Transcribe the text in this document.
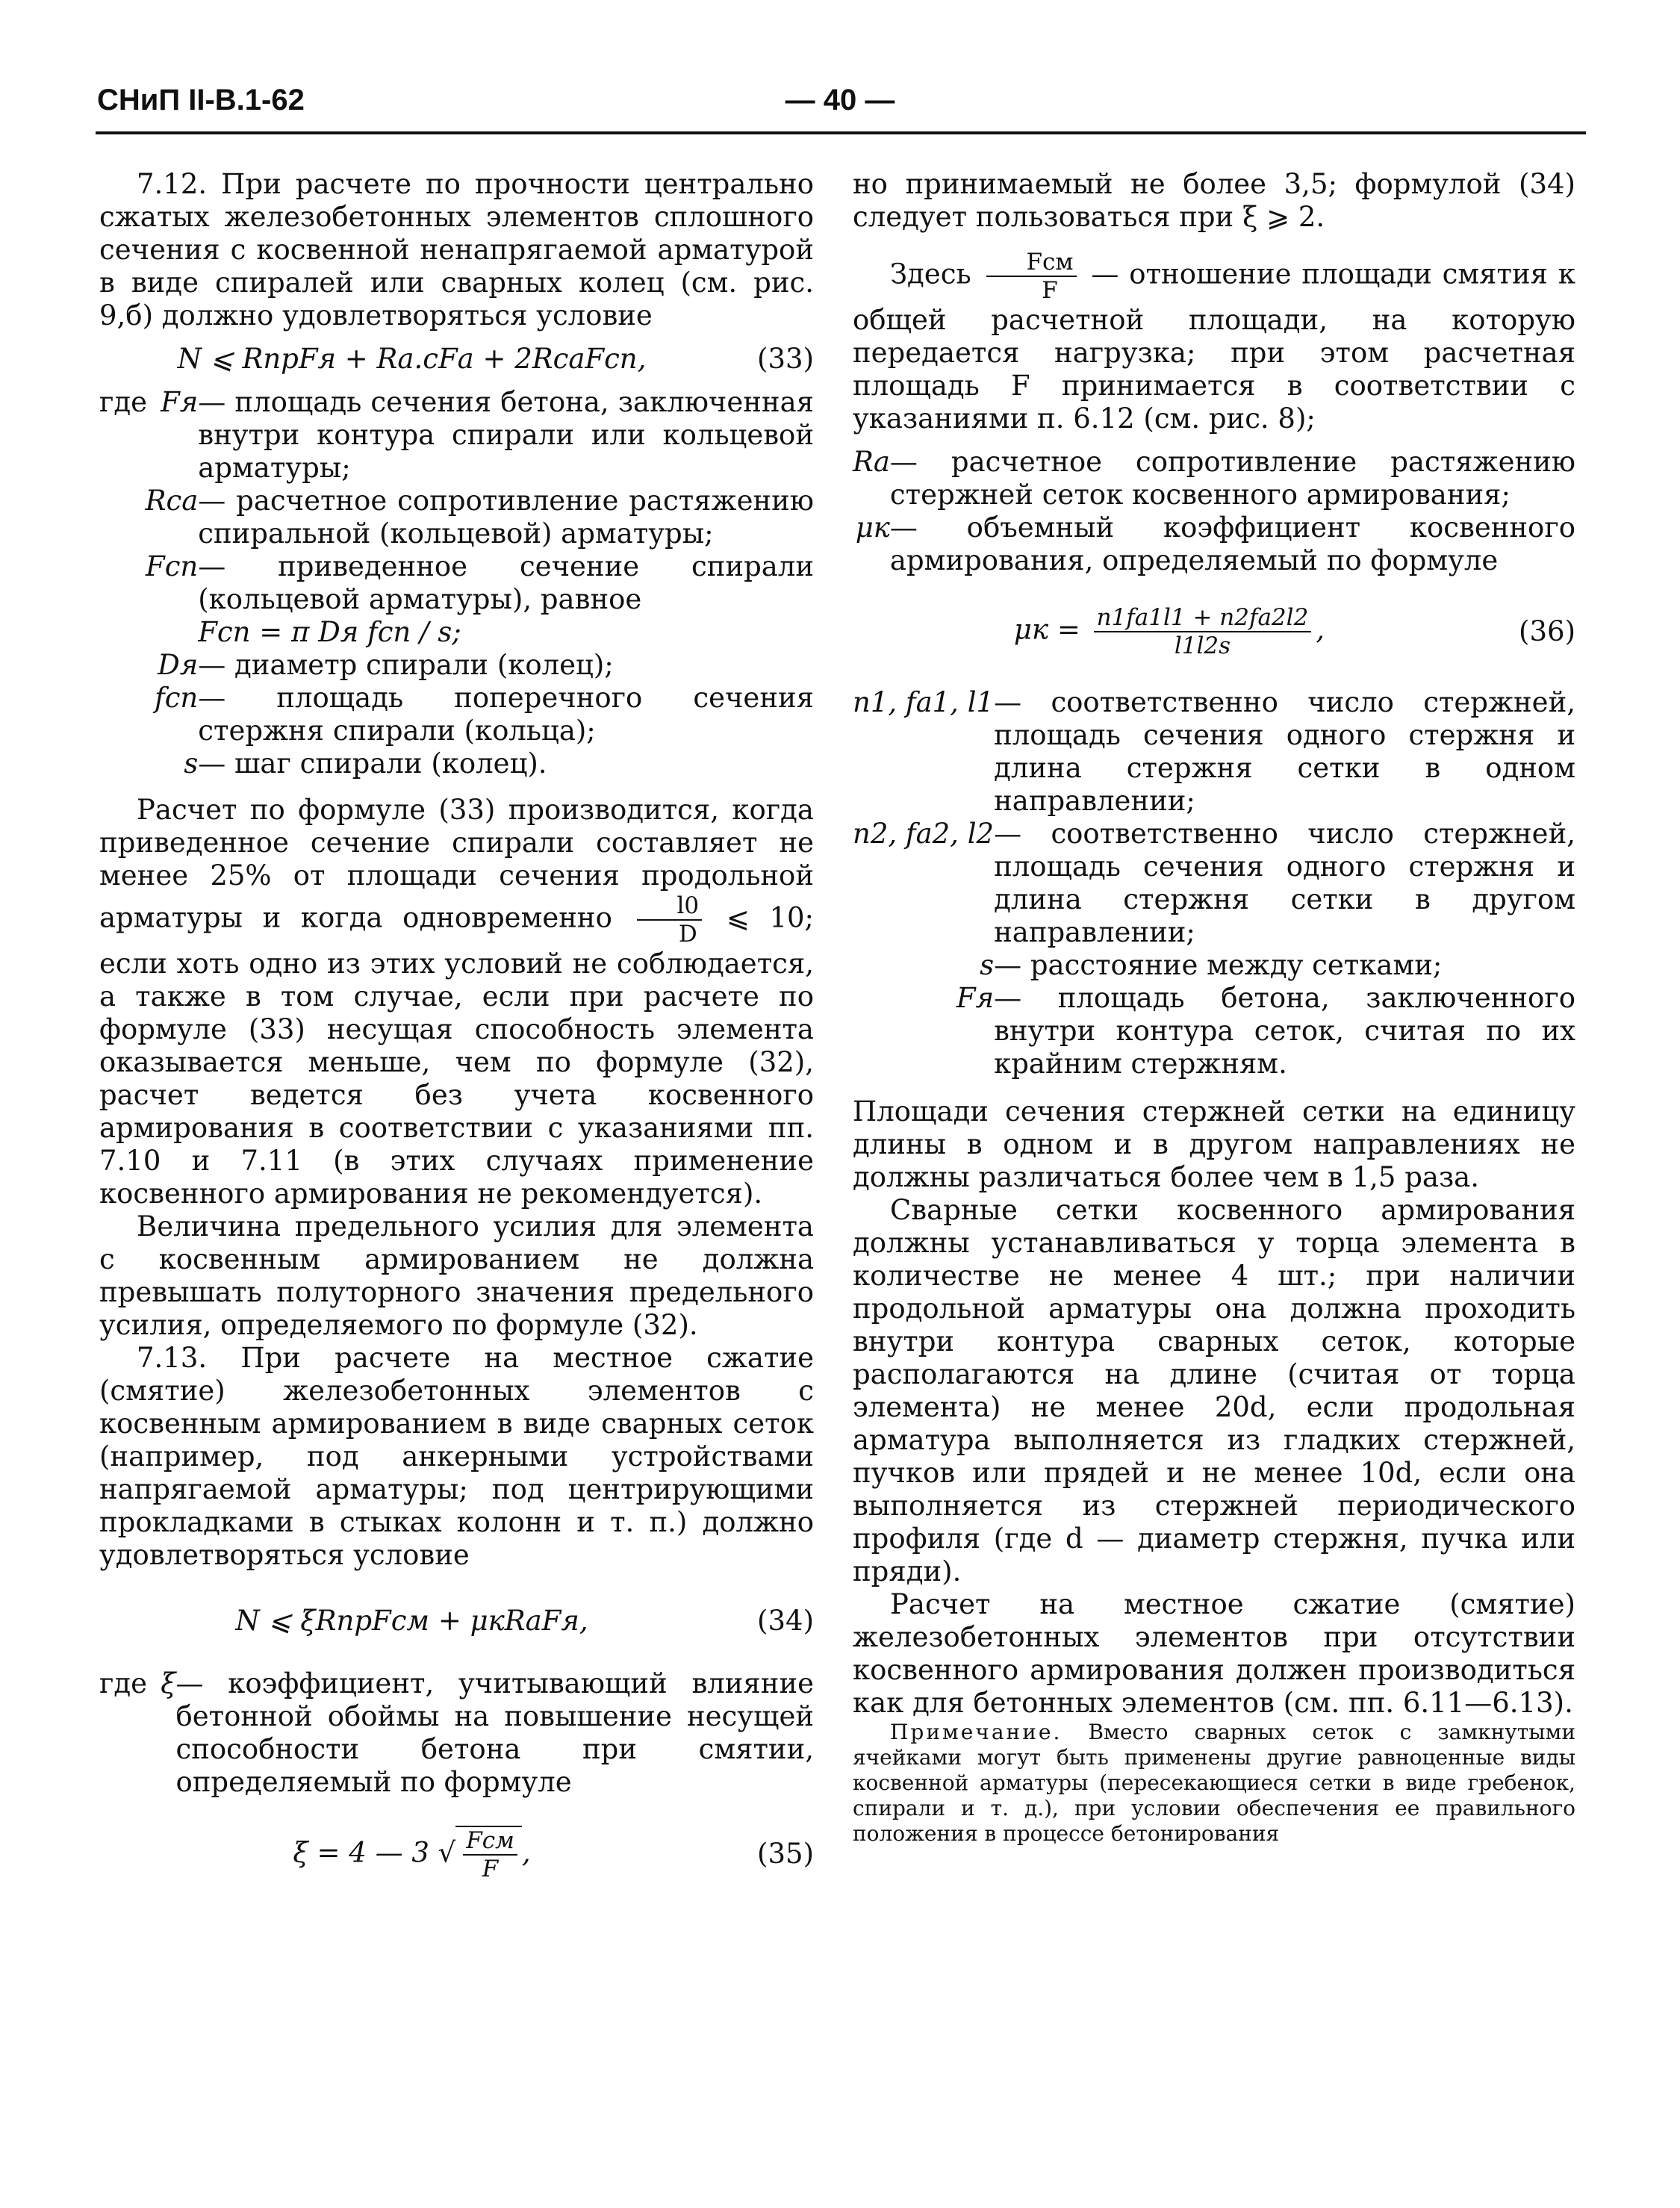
СНиП II-В.1-62	— 40 —

7.12. При расчете по прочности центрально сжатых железобетонных элементов сплошного сечения с косвенной ненапрягаемой арматурой в виде спиралей или сварных колец (см. рис. 9,б) должно удовлетворяться условие

N ⩽ RпрFя + Rа.сFа + 2RсаFсп,	(33)
где Fя — площадь сечения бетона, заключенная внутри контура спирали или кольцевой арматуры;
Rса — расчетное сопротивление растяжению спиральной (кольцевой) арматуры;
Fсп — приведенное сечение спирали (кольцевой арматуры), равное
Fсп = π Dя fсп / s;
Dя — диаметр спирали (колец);
fсп — площадь поперечного сечения стержня спирали (кольца);
s — шаг спирали (колец).

Расчет по формуле (33) производится, когда приведенное сечение спирали составляет не менее 25% от площади сечения продольной арматуры и когда одновременно $\frac{l0}{D}$ ⩽ 10; если хоть одно из этих условий не соблюдается, а также в том случае, если при расчете по формуле (33) несущая способность элемента оказывается меньше, чем по формуле (32), расчет ведется без учета косвенного армирования в соответствии с указаниями пп. 7.10 и 7.11 (в этих случаях применение косвенного армирования не рекомендуется).

Величина предельного усилия для элемента с косвенным армированием не должна превышать полуторного значения предельного усилия, определяемого по формуле (32).

7.13. При расчете на местное сжатие (смятие) железобетонных элементов с косвенным армированием в виде сварных сеток (например, под анкерными устройствами напрягаемой арматуры; под центрирующими прокладками в стыках колонн и т. п.) должно удовлетворяться условие

N ⩽ ξRпрFсм + μкRаFя,	(34)
где ξ — коэффициент, учитывающий влияние бетонной обоймы на повышение несущей способности бетона при смятии, определяемый по формуле
ξ = 4 — 3 √ $\frac{\text{Fсм}}{F}$ ,	(35)

но принимаемый не более 3,5; формулой (34) следует пользоваться при ξ ⩾ 2.

Здесь $\frac{\text{Fсм}}{F}$ — отношение площади смятия к общей расчетной площади, на которую передается нагрузка; при этом расчетная площадь F принимается в соответствии с указаниями п. 6.12 (см. рис. 8);

Rа — расчетное сопротивление растяжению стержней сеток косвенного армирования;
μк — объемный коэффициент косвенного армирования, определяемый по формуле
$\mu к = \frac{n1fа1l1 + n2fа2l2}{l1l2s}$ ,	(36)
n1, fа1, l1 — соответственно число стержней, площадь сечения одного стержня и длина стержня сетки в одном направлении;
n2, fа2, l2 — соответственно число стержней, площадь сечения одного стержня и длина стержня сетки в другом направлении;
s — расстояние между сетками;
Fя — площадь бетона, заключенного внутри контура сеток, считая по их крайним стержням.

Площади сечения стержней сетки на единицу длины в одном и в другом направлениях не должны различаться более чем в 1,5 раза.

Сварные сетки косвенного армирования должны устанавливаться у торца элемента в количестве не менее 4 шт.; при наличии продольной арматуры она должна проходить внутри контура сварных сеток, которые располагаются на длине (считая от торца элемента) не менее 20d, если продольная арматура выполняется из гладких стержней, пучков или прядей и не менее 10d, если она выполняется из стержней периодического профиля (где d — диаметр стержня, пучка или пряди).

Расчет на местное сжатие (смятие) железобетонных элементов при отсутствии косвенного армирования должен производиться как для бетонных элементов (см. пп. 6.11—6.13).

Примечание. Вместо сварных сеток с замкнутыми ячейками могут быть применены другие равноценные виды косвенной арматуры (пересекающиеся сетки в виде гребенок, спирали и т. д.), при условии обеспечения ее правильного положения в процессе бетонирования
